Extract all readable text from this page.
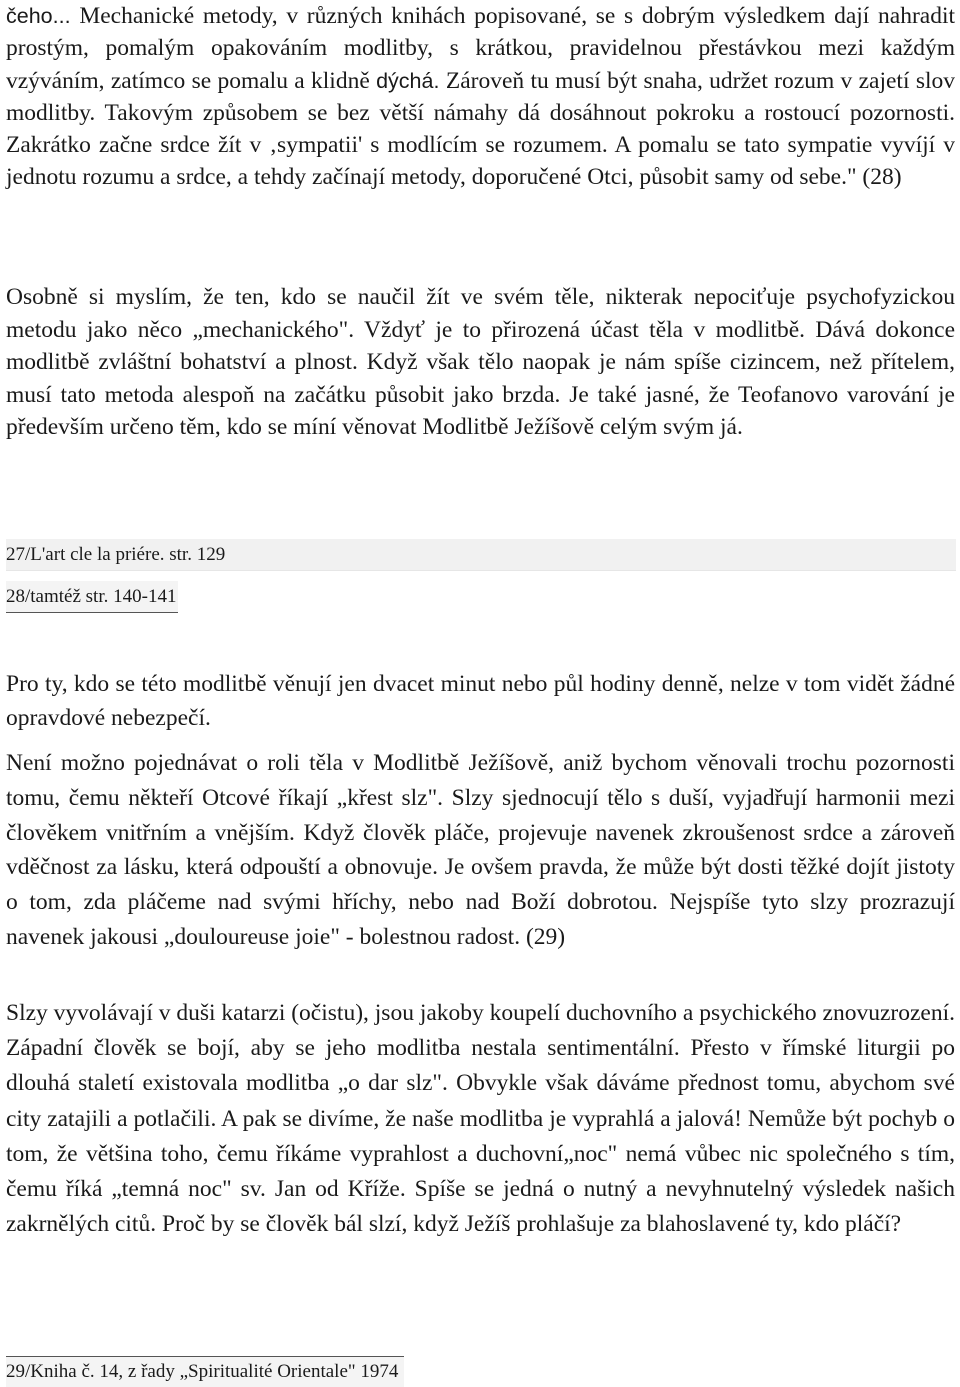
čeho... Mechanické metody, v různých knihách popisované, se s dobrým výsledkem dají nahradit prostým, pomalým opakováním modlitby, s krátkou, pravidelnou přestávkou mezi každým vzýváním, zatímco se pomalu a klidně dýchá. Zároveň tu musí být snaha, udržet rozum v zajetí slov modlitby. Takovým způsobem se bez větší námahy dá dosáhnout pokroku a rostoucí pozornosti. Zakrátko začne srdce žít v ‚sympatii' s modlícím se rozumem. A pomalu se tato sympatie vyvíjí v jednotu rozumu a srdce, a tehdy začínají metody, doporučené Otci, působit samy od sebe." (28)

Osobně si myslím, že ten, kdo se naučil žít ve svém těle, nikterak nepociťuje psychofyzickou metodu jako něco „mechanického". Vždyť je to přirozená účast těla v modlitbě. Dává dokonce modlitbě zvláštní bohatství a plnost. Když však tělo naopak je nám spíše cizincem, než přítelem, musí tato metoda alespoň na začátku působit jako brzda. Je také jasné, že Teofanovo varování je především určeno těm, kdo se míní věnovat Modlitbě Ježíšově celým svým já.

27/L'art cle la priére. str. 129
28/tamtéž str. 140-141

Pro ty, kdo se této modlitbě věnují jen dvacet minut nebo půl hodiny denně, nelze v tom vidět žádné opravdové nebezpečí.

Není možno pojednávat o roli těla v Modlitbě Ježíšově, aniž bychom věnovali trochu pozornosti tomu, čemu někteří Otcové říkají „křest slz". Slzy sjednocují tělo s duší, vyjadřují harmonii mezi člověkem vnitřním a vnějším. Když člověk pláče, projevuje navenek zkroušenost srdce a zároveň vděčnost za lásku, která odpouští a obnovuje. Je ovšem pravda, že může být dosti těžké dojít jistoty o tom, zda pláčeme nad svými hříchy, nebo nad Boží dobrotou. Nejspíše tyto slzy prozrazují navenek jakousi „douloureuse joie" - bolestnou radost. (29)

Slzy vyvolávají v duši katarzi (očistu), jsou jakoby koupelí duchovního a psychického znovuzrození. Západní člověk se bojí, aby se jeho modlitba nestala sentimentální. Přesto v římské liturgii po dlouhá staletí existovala modlitba „o dar slz". Obvykle však dáváme přednost tomu, abychom své city zatajili a potlačili. A pak se divíme, že naše modlitba je vyprahlá a jalová! Nemůže být pochyb o tom, že většina toho, čemu říkáme vyprahlost a duchovní„noc" nemá vůbec nic společného s tím, čemu říká „temná noc" sv. Jan od Kříže. Spíše se jedná o nutný a nevyhnutelný výsledek našich zakrnělých citů. Proč by se člověk bál slzí, když Ježíš prohlašuje za blahoslavené ty, kdo pláčí?

29/Kniha č. 14, z řady „Spiritualité Orientale" 1974
